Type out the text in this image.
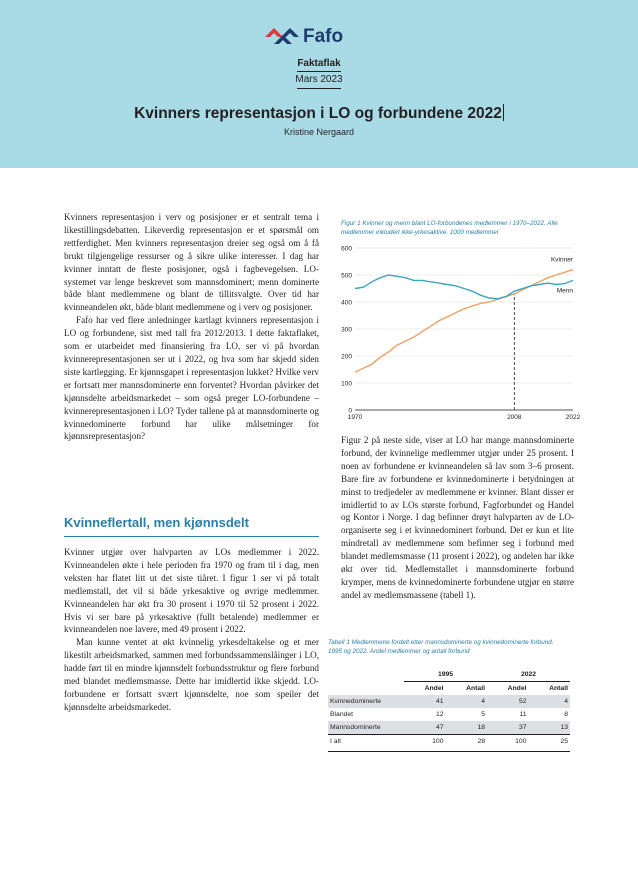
Fafo
Faktaflak
Mars 2023
Kvinners representasjon i LO og forbundene 2022
Kristine Nergaard

Kvinners representasjon i verv og posisjoner er et sentralt tema i likestillingsdebatten. Likeverdig representasjon er et spørsmål om rettferdighet. Men kvinners representasjon dreier seg også om å få brukt tilgjengelige ressurser og å sikre ulike interesser. I dag har kvinner inntatt de fleste posisjoner, også i fagbevegelsen. LO-systemet var lenge beskrevet som mannsdominert; menn dominerte både blant medlemmene og blant de tillitsvalgte. Over tid har kvinneandelen økt, både blant medlemmene og i verv og posisjoner.

Fafo har ved flere anledninger kartlagt kvinners representasjon i LO og forbundene, sist med tall fra 2012/2013. I dette faktaflaket, som er utarbeidet med finansiering fra LO, ser vi på hvordan kvinnerepresentasjonen ser ut i 2022, og hva som har skjedd siden siste kartlegging. Er kjønnsgapet i representasjon lukket? Hvilke verv er fortsatt mer mannsdominerte enn forventet? Hvordan påvirker det kjønnsdelte arbeidsmarkedet – som også preger LO-forbundene – kvinnerepresentasjonen i LO? Tyder tallene på at mannsdominerte og kvinnedominerte forbund har ulike målsetninger for kjønnsrepresentasjon?

Kvinneflertall, men kjønnsdelt

Kvinner utgjør over halvparten av LOs medlemmer i 2022. Kvinneandelen økte i hele perioden fra 1970 og fram til i dag, men veksten har flatet litt ut det siste tiåret. I figur 1 ser vi på totalt medlemstall, det vil si både yrkesaktive og øvrige medlemmer. Kvinneandelen har økt fra 30 prosent i 1970 til 52 prosent i 2022. Hvis vi ser bare på yrkesaktive (fullt betalende) medlemmer er kvinneandelen noe lavere, med 49 prosent i 2022.

Man kunne ventet at økt kvinnelig yrkesdeltakelse og et mer likestilt arbeidsmarked, sammen med forbundssammenslåinger i LO, hadde ført til en mindre kjønnsdelt forbundsstruktur og flere forbund med blandet medlemsmasse. Dette har imidlertid ikke skjedd. LO-forbundene er fortsatt svært kjønnsdelte, noe som speiler det kjønnsdelte arbeidsmarkedet.

Figur 1 Kvinner og menn blant LO-forbundenes medlemmer i 1970–2022. Alle medlemmer inkludert ikke-yrkesaktive. 1000 medlemmer
0
100
200
300
400
500
600
1970	2008	2022
Kvinner
Menn

Figur 2 på neste side, viser at LO har mange mannsdominerte forbund, der kvinnelige medlemmer utgjør under 25 prosent. I noen av forbundene er kvinneandelen så lav som 3–6 prosent. Bare fire av forbundene er kvinnedominerte i betydningen at minst to tredjedeler av medlemmene er kvinner. Blant disser er imidlertid to av LOs største forbund, Fagforbundet og Handel og Kontor i Norge. I dag befinner drøyt halvparten av de LO-organiserte seg i et kvinnedominert forbund. Det er kun et lite mindretall av medlemmene som befinner seg i forbund med blandet medlemsmasse (11 prosent i 2022), og andelen har ikke økt over tid. Medlemstallet i mannsdominerte forbund krymper, mens de kvinnedominerte forbundene utgjør en større andel av medlemsmassene (tabell 1).

Tabell 1 Medlemmene fordelt etter mannsdominerte og kvinnedominerte forbund. 1995 og 2022. Andel medlemmer og antall forbund
	1995		2022	
	Andel	Antall	Andel	Antall
Kvinnedominerte	41	4	52	4
Blandet	12	5	11	8
Mannsdominerte	47	18	37	13
I alt	100	28	100	25
